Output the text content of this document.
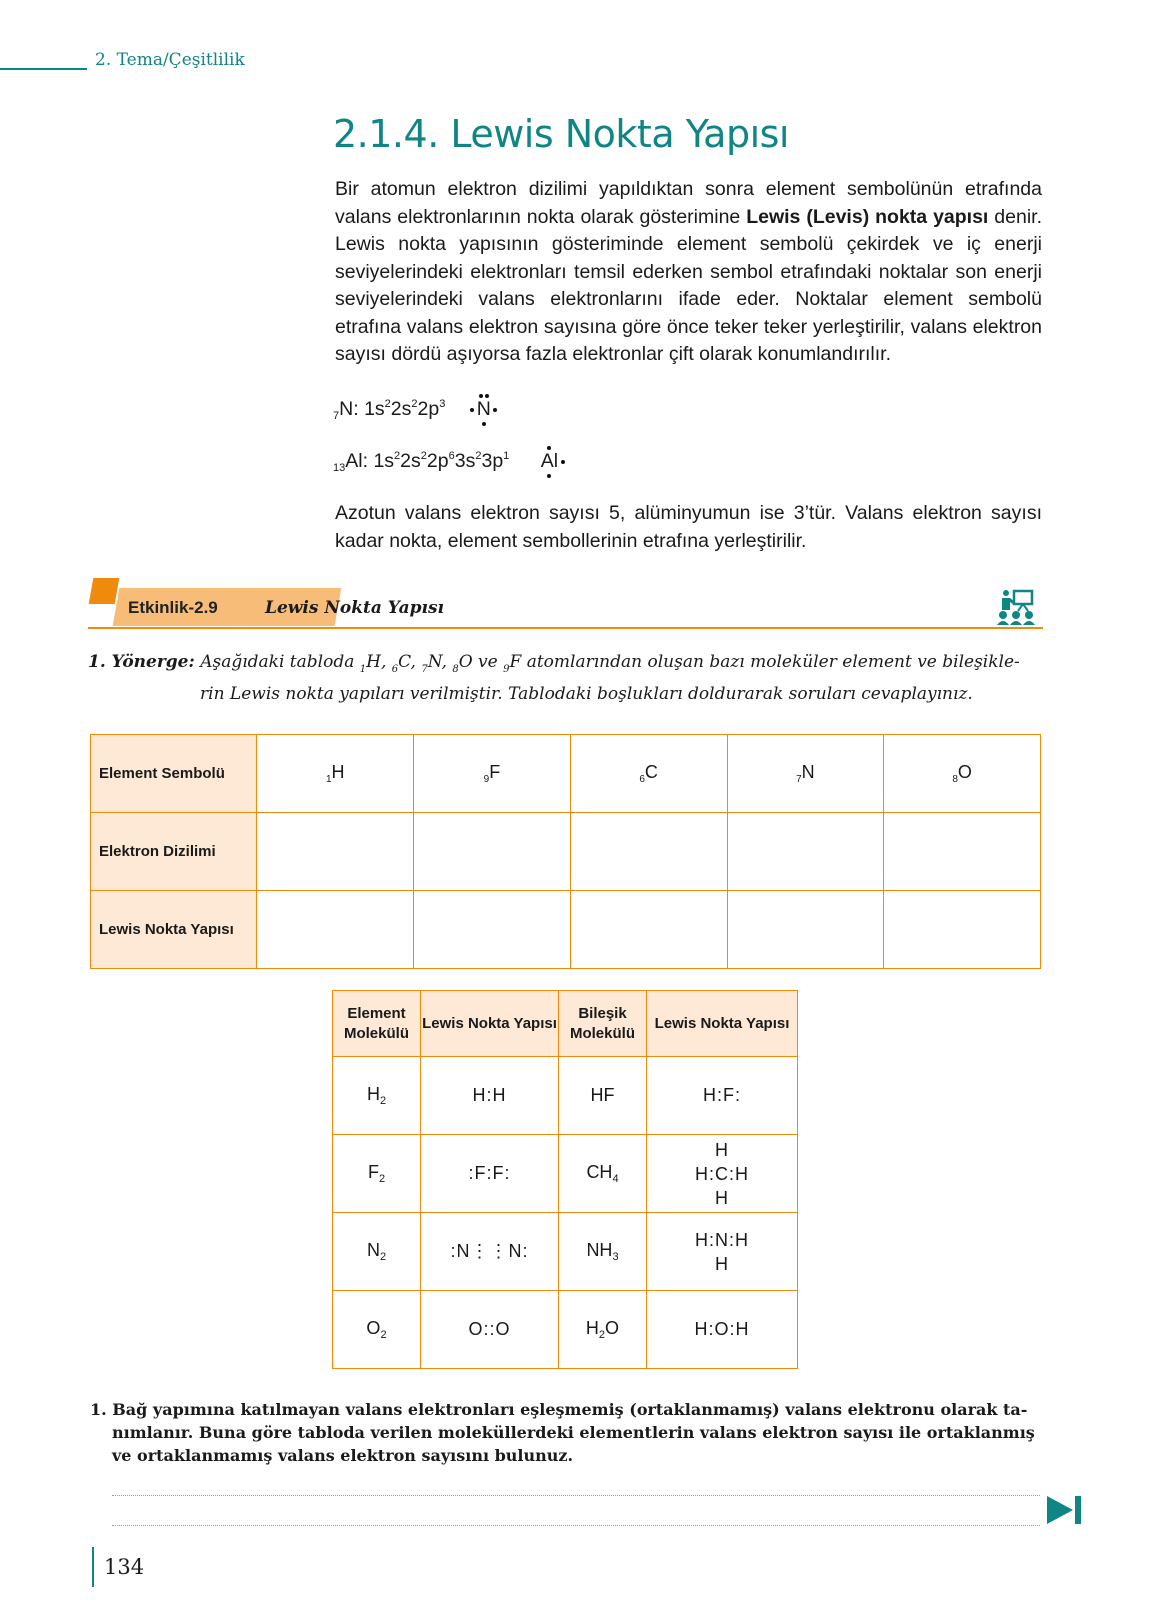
2. Tema/Çeşitlilik
2.1.4. Lewis Nokta Yapısı

Bir atomun elektron dizilimi yapıldıktan sonra element sembolünün etrafında valans elektronlarının nokta olarak gösterimine Lewis (Levis) nokta yapısı denir. Lewis nokta yapısının gösteriminde element sembolü çekirdek ve iç enerji seviyelerindeki elektronları temsil ederken sembol etrafındaki noktalar son enerji seviyelerindeki valans elektronlarını ifade eder. Noktalar element sembolü etrafına valans elektron sayısına göre önce teker teker yerleştirilir, valans elektron sayısı dördü aşıyorsa fazla elektronlar çift olarak konumlandırılır.

$_7$N: $1s^22s^22p^3$ N
$_{13}$Al: $1s^22s^22p^63s^23p^1$ Al

Azotun valans elektron sayısı 5, alüminyumun ise 3’tür. Valans elektron sayısı kadar nokta, element sembollerinin etrafına yerleştirilir.

Etkinlik-2.9	Lewis Nokta Yapısı
1. Yönerge: Aşağıdaki tabloda $_1$H, $_6$C, $_7$N, $_8$O ve $_9$F atomlarından oluşan bazı moleküler element ve bileşikle-
rin Lewis nokta yapıları verilmiştir. Tablodaki boşlukları doldurarak soruları cevaplayınız.
Element Sembolü	$_1$H	$_9$F	$_6$C	$_7$N	$_8$O
Elektron Dizilimi					
Lewis Nokta Yapısı					
Element Molekülü	Lewis Nokta Yapısı	Bileşik Molekülü	Lewis Nokta Yapısı
$H_2$	H:H	HF	H:F:
$F_2$	:F:F:	$CH_4$	H
H:C:H
H
$N_2$	:N⋮⋮N:	$NH_3$	H:N:H
H
$O_2$	O::O	$H_2O$	H:O:H
1. Bağ yapımına katılmayan valans elektronları eşleşmemiş (ortaklanmamış) valans elektronu olarak ta-
nımlanır. Buna göre tabloda verilen moleküllerdeki elementlerin valans elektron sayısı ile ortaklanmış ve ortaklanmamış valans elektron sayısını bulunuz.
134
